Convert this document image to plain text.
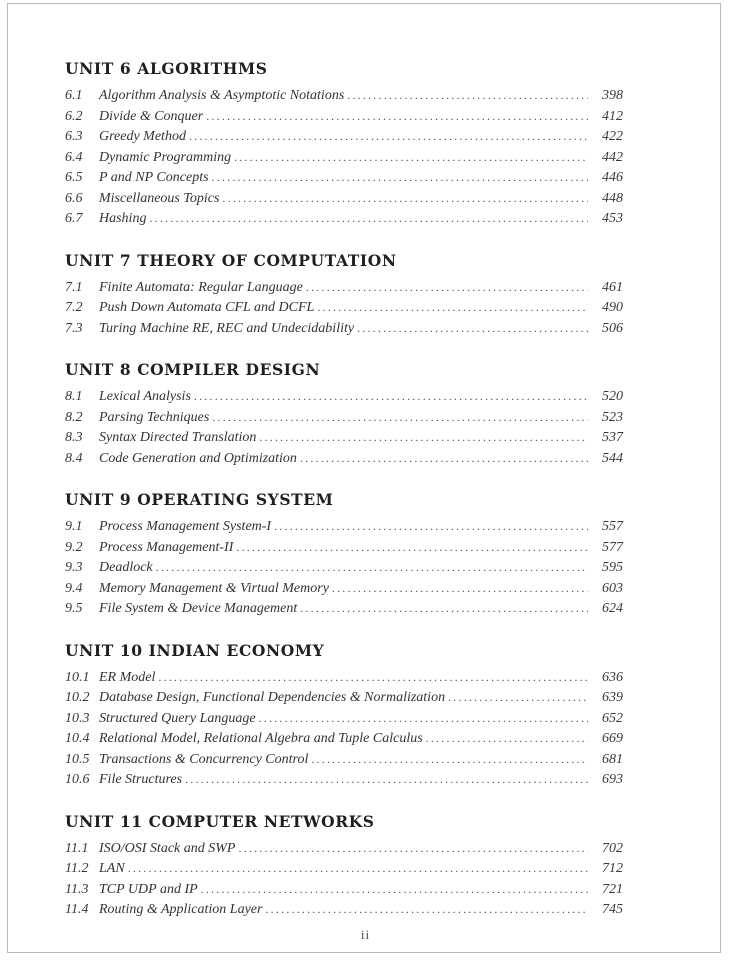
UNIT 6 ALGORITHMS
6.1	Algorithm Analysis & Asymptotic Notations .....	398
6.2	Divide & Conquer .....	412
6.3	Greedy Method .....	422
6.4	Dynamic Programming .....	442
6.5	P and NP Concepts .....	446
6.6	Miscellaneous Topics .....	448
6.7	Hashing .....	453
UNIT 7 THEORY OF COMPUTATION
7.1	Finite Automata: Regular Language .....	461
7.2	Push Down Automata CFL and DCFL .....	490
7.3	Turing Machine RE, REC and Undecidability .....	506
UNIT 8 COMPILER DESIGN
8.1	Lexical Analysis .....	520
8.2	Parsing Techniques .....	523
8.3	Syntax Directed Translation .....	537
8.4	Code Generation and Optimization .....	544
UNIT 9 OPERATING SYSTEM
9.1	Process Management System-I .....	557
9.2	Process Management-II .....	577
9.3	Deadlock .....	595
9.4	Memory Management & Virtual Memory .....	603
9.5	File System & Device Management .....	624
UNIT 10 INDIAN ECONOMY
10.1 ER Model .....	636
10.2 Database Design, Functional Dependencies & Normalization .....	639
10.3 Structured Query Language .....	652
10.4 Relational Model, Relational Algebra and Tuple Calculus .....	669
10.5 Transactions & Concurrency Control .....	681
10.6 File Structures .....	693
UNIT 11 COMPUTER NETWORKS
11.1 ISO/OSI Stack and SWP .....	702
11.2 LAN .....	712
11.3 TCP UDP and IP .....	721
11.4 Routing & Application Layer .....	745
ii
